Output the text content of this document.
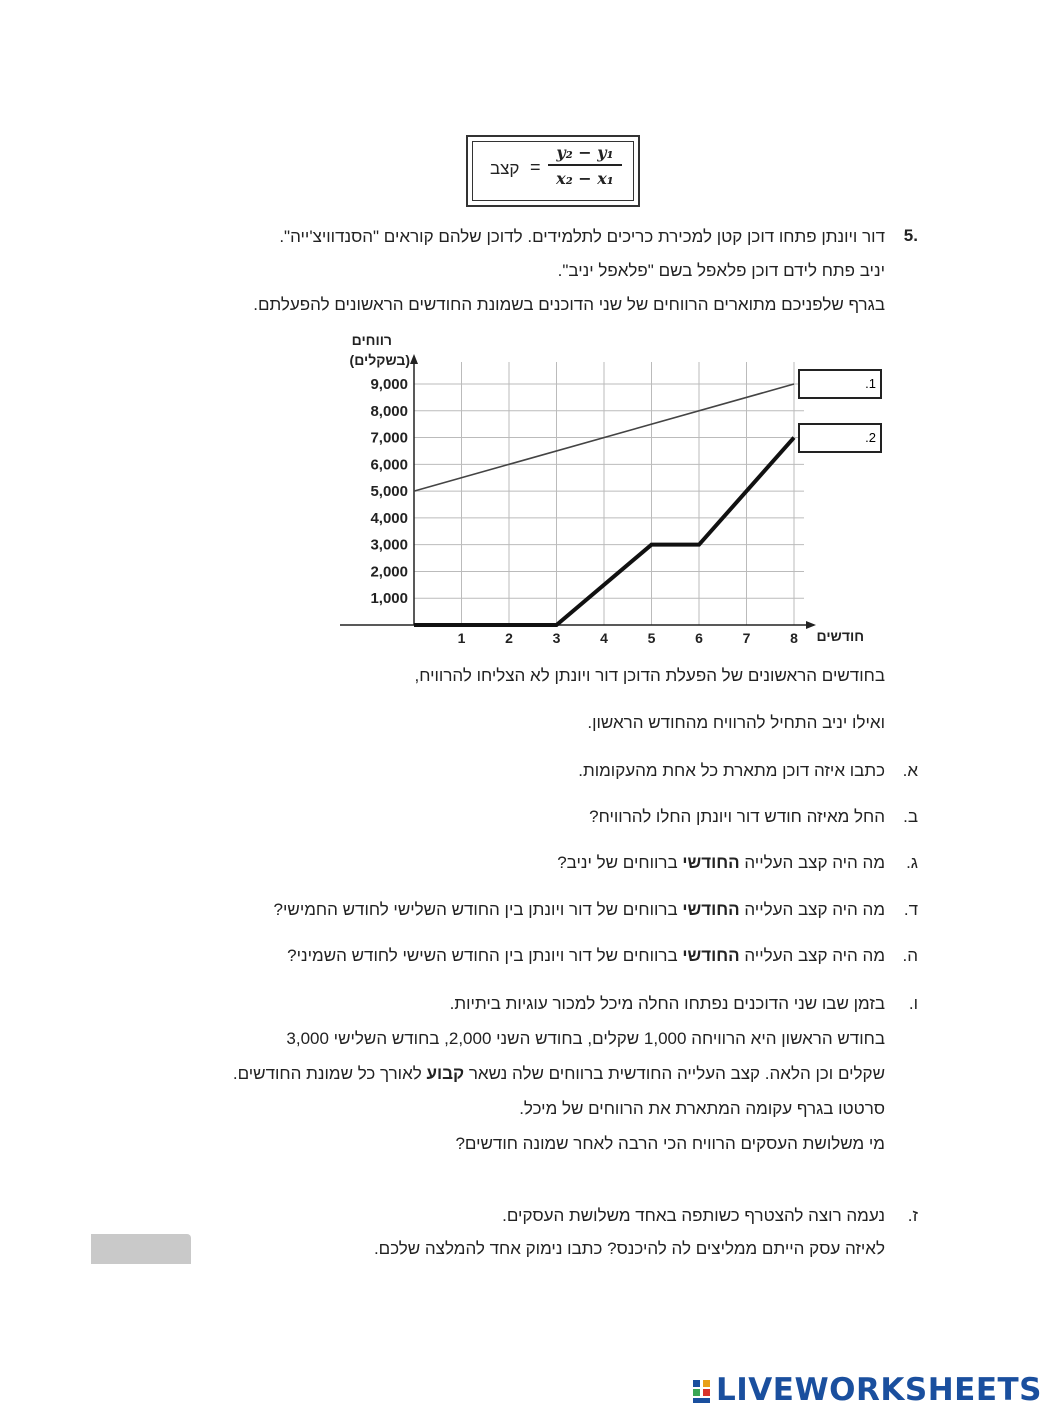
קצב = $\frac{\text{y₂ − y₁}}{\text{x₂ − x₁}}$
.5
דור ויונתן פתחו דוכן קטן למכירת כריכים לתלמידים. לדוכן שלהם קוראים "הסנדוויצ'ייה".
יניב פתח לידם דוכן פלאפל בשם "פלאפל יניב".
בגרף שלפניכם מתוארים הרווחים של שני הדוכנים בשמונת החודשים הראשונים להפעלתם.
1,000
2,000
3,000
4,000
5,000
6,000
7,000
8,000
9,000
1	2	3	4	5	6	7	8
רווחים
(בשקלים)
חודשים
.1
.2
בחודשים הראשונים של הפעלת הדוכן דור ויונתן לא הצליחו להרוויח,
ואילו יניב התחיל להרוויח מהחודש הראשון.
א.
כתבו איזה דוכן מתארת כל אחת מהעקומות.
ב.
החל מאיזה חודש דור ויונתן החלו להרוויח?
ג.
מה היה קצב העלייה החודשי ברווחים של יניב?
ד.
מה היה קצב העלייה החודשי ברווחים של דור ויונתן בין החודש השלישי לחודש החמישי?
ה.
מה היה קצב העלייה החודשי ברווחים של דור ויונתן בין החודש השישי לחודש השמיני?
ו.
בזמן שבו שני הדוכנים נפתחו החלה מיכל למכור עוגיות ביתיות.
בחודש הראשון היא הרוויחה 1,000 שקלים, בחודש השני 2,000, בחודש השלישי 3,000
שקלים וכן הלאה. קצב העלייה החודשית ברווחים שלה נשאר קבוע לאורך כל שמונת החודשים.
סרטטו בגרף עקומה המתארת את הרווחים של מיכל.
מי משלושת העסקים הרוויח הכי הרבה לאחר שמונה חודשים?
ז.
נעמה רוצה להצטרף כשותפה באחד משלושת העסקים.
לאיזה עסק הייתם ממליצים לה להיכנס? כתבו נימוק אחד להמלצה שלכם.
LIVEWORKSHEETS
